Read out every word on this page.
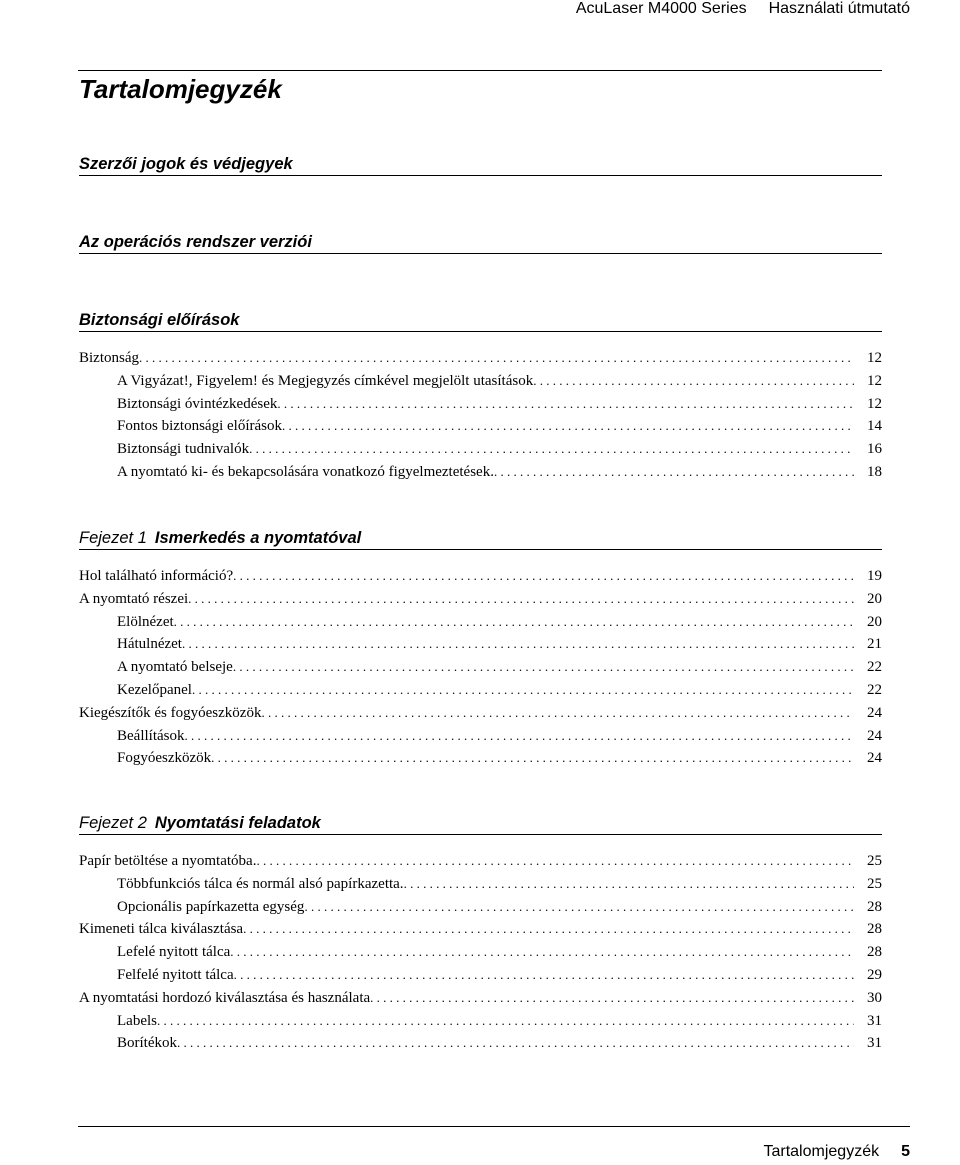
AcuLaser M4000 Series Használati útmutató
Tartalomjegyzék
Szerzői jogok és védjegyek
Az operációs rendszer verziói
Biztonsági előírások
Biztonság . . .	12
A Vigyázat!, Figyelem! és Megjegyzés címkével megjelölt utasítások . . .	12
Biztonsági óvintézkedések . . .	12
Fontos biztonsági előírások . . .	14
Biztonsági tudnivalók . . .	16
A nyomtató ki- és bekapcsolására vonatkozó figyelmeztetések. . . .	18
Fejezet 1 Ismerkedés a nyomtatóval
Hol található információ? . . .	19
A nyomtató részei . . .	20
Elölnézet . . .	20
Hátulnézet . . .	21
A nyomtató belseje . . .	22
Kezelőpanel . . .	22
Kiegészítők és fogyóeszközök . . .	24
Beállítások . . .	24
Fogyóeszközök . . .	24
Fejezet 2 Nyomtatási feladatok
Papír betöltése a nyomtatóba. . . .	25
Többfunkciós tálca és normál alsó papírkazetta. . . .	25
Opcionális papírkazetta egység . . .	28
Kimeneti tálca kiválasztása . . .	28
Lefelé nyitott tálca . . .	28
Felfelé nyitott tálca . . .	29
A nyomtatási hordozó kiválasztása és használata . . .	30
Labels . . .	31
Borítékok . . .	31
Tartalomjegyzék 5
